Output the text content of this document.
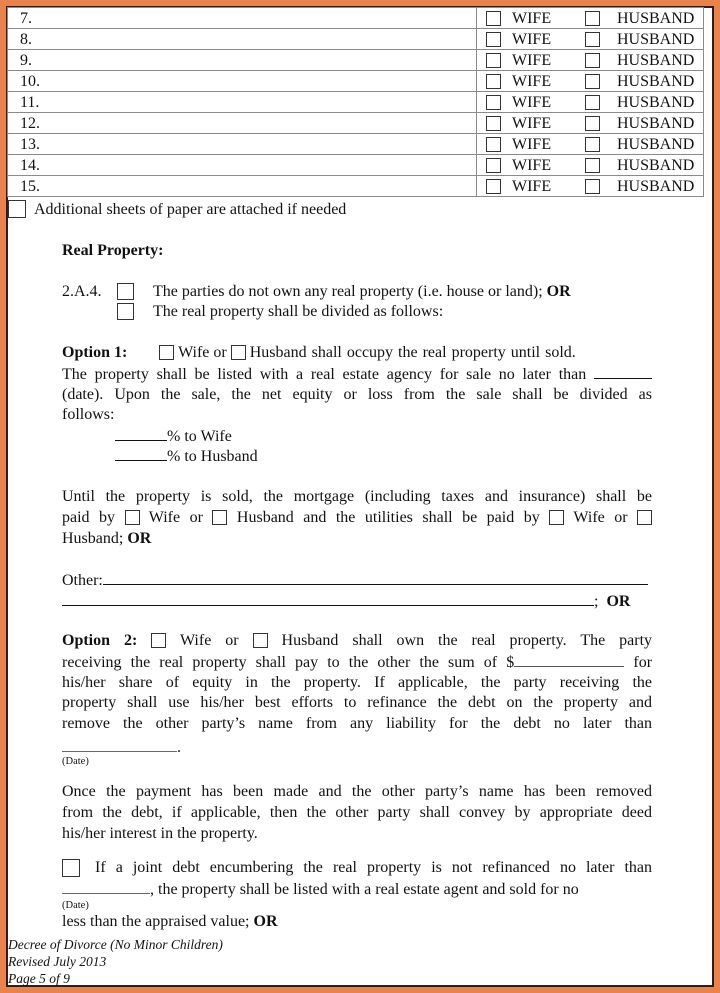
7.	WIFE HUSBAND
8.	WIFE HUSBAND
9.	WIFE HUSBAND
10.	WIFE HUSBAND
11.	WIFE HUSBAND
12.	WIFE HUSBAND
13.	WIFE HUSBAND
14.	WIFE HUSBAND
15.	WIFE HUSBAND
Additional sheets of paper are attached if needed
Real Property:
2.A.4.	The parties do not own any real property (i.e. house or land); OR
The real property shall be divided as follows:
Option 1:	Wife or Husband shall occupy the real property until sold.
The property shall be listed with a real estate agency for sale no later than
(date). Upon the sale, the net equity or loss from the sale shall be divided as
follows:
% to Wife
% to Husband
Until the property is sold, the mortgage (including taxes and insurance) shall be
paid by Wife or Husband and the utilities shall be paid by Wife or
Husband; OR
Other:
; OR
Option 2:	Wife or	Husband shall own the real property. The party
receiving the real property shall pay to the other the sum of $	for
his/her share of equity in the property. If applicable, the party receiving the
property shall use his/her best efforts to refinance the debt on the property and
remove the other party’s name from any liability for the debt no later than
.
(Date)
Once the payment has been made and the other party’s name has been removed
from the debt, if applicable, then the other party shall convey by appropriate deed
his/her interest in the property.
If a joint debt encumbering the real property is not refinanced no later than
, the property shall be listed with a real estate agent and sold for no
(Date)
less than the appraised value; OR
Decree of Divorce (No Minor Children)
Revised July 2013
Page 5 of 9
